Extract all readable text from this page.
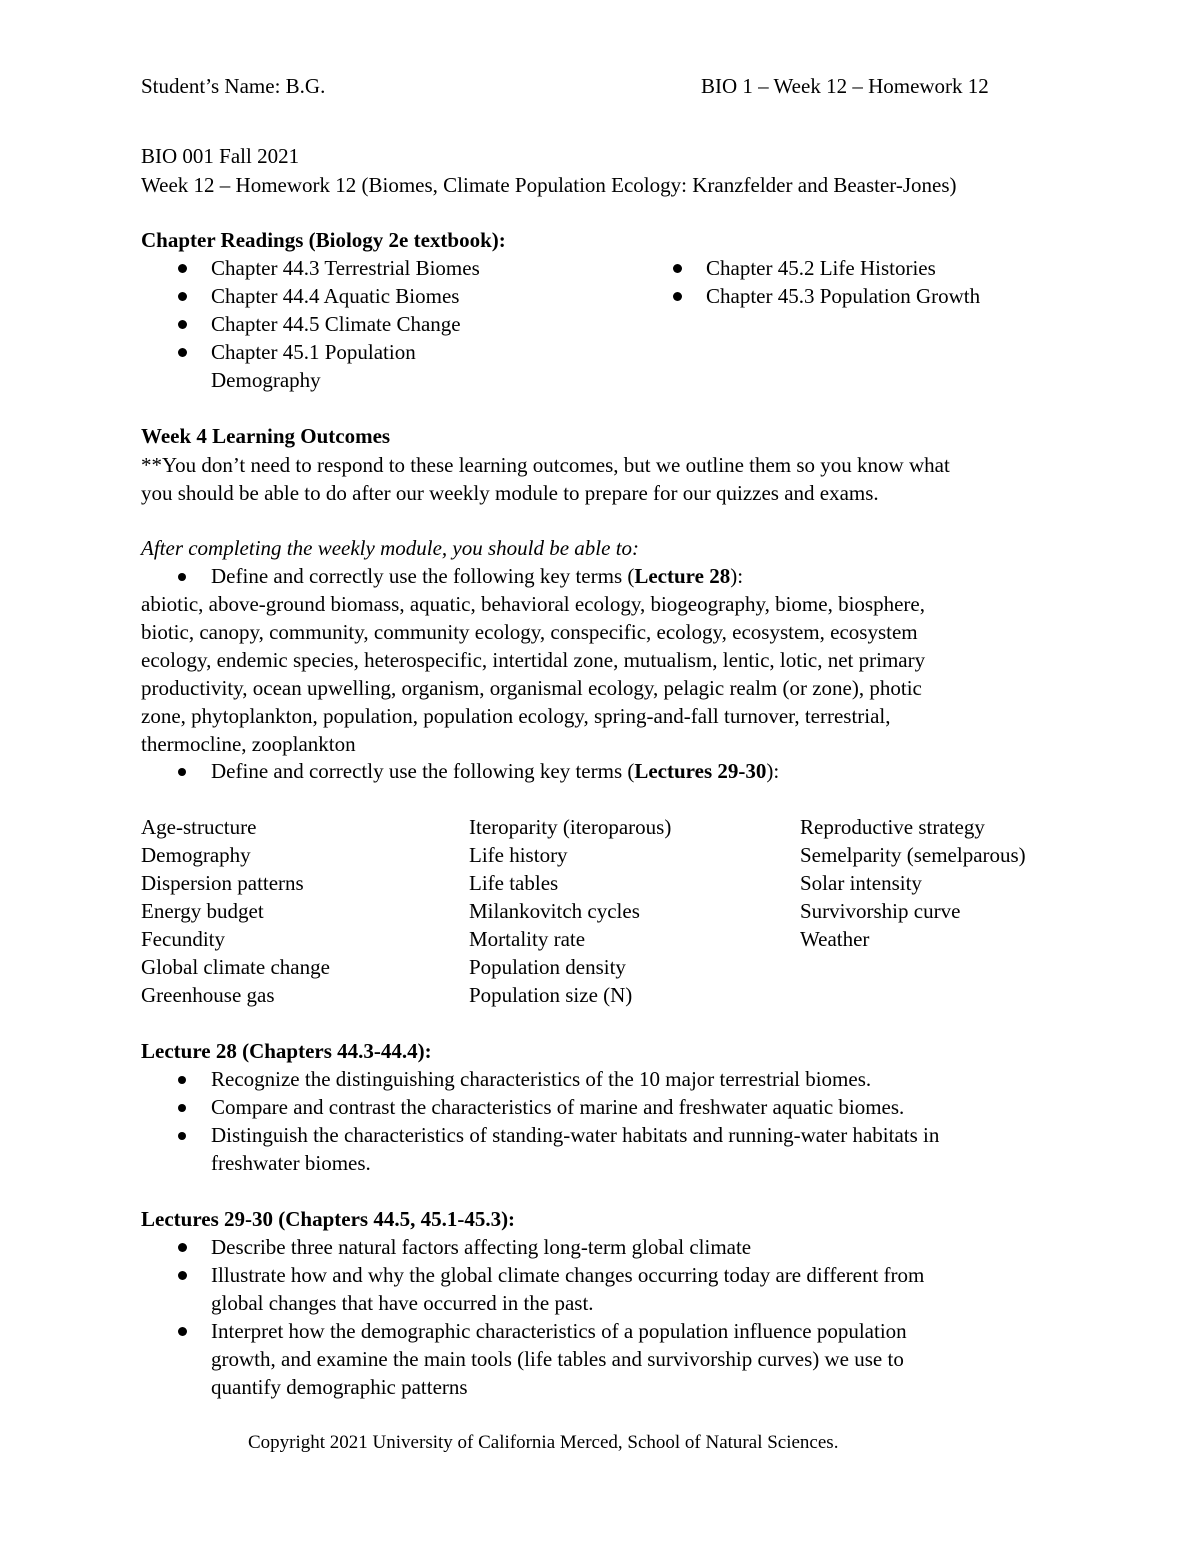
Student’s Name: B.G.	BIO 1 – Week 12 – Homework 12
BIO 001 Fall 2021
Week 12 – Homework 12 (Biomes, Climate Population Ecology: Kranzfelder and Beaster-Jones)
Chapter Readings (Biology 2e textbook):
Chapter 44.3 Terrestrial Biomes
Chapter 44.4 Aquatic Biomes
Chapter 44.5 Climate Change
Chapter 45.1 Population
Demography
Chapter 45.2 Life Histories
Chapter 45.3 Population Growth
Week 4 Learning Outcomes
**You don’t need to respond to these learning outcomes, but we outline them so you know what
you should be able to do after our weekly module to prepare for our quizzes and exams.
After completing the weekly module, you should be able to:
Define and correctly use the following key terms (Lecture 28):
abiotic, above-ground biomass, aquatic, behavioral ecology, biogeography, biome, biosphere,
biotic, canopy, community, community ecology, conspecific, ecology, ecosystem, ecosystem
ecology, endemic species, heterospecific, intertidal zone, mutualism, lentic, lotic, net primary
productivity, ocean upwelling, organism, organismal ecology, pelagic realm (or zone), photic
zone, phytoplankton, population, population ecology, spring-and-fall turnover, terrestrial,
thermocline, zooplankton
Define and correctly use the following key terms (Lectures 29-30):
Age-structure
Demography
Dispersion patterns
Energy budget
Fecundity
Global climate change
Greenhouse gas
Iteroparity (iteroparous)
Life history
Life tables
Milankovitch cycles
Mortality rate
Population density
Population size (N)
Reproductive strategy
Semelparity (semelparous)
Solar intensity
Survivorship curve
Weather
Lecture 28 (Chapters 44.3-44.4):
Recognize the distinguishing characteristics of the 10 major terrestrial biomes.
Compare and contrast the characteristics of marine and freshwater aquatic biomes.
Distinguish the characteristics of standing-water habitats and running-water habitats in
freshwater biomes.
Lectures 29-30 (Chapters 44.5, 45.1-45.3):
Describe three natural factors affecting long-term global climate
Illustrate how and why the global climate changes occurring today are different from
global changes that have occurred in the past.
Interpret how the demographic characteristics of a population influence population
growth, and examine the main tools (life tables and survivorship curves) we use to
quantify demographic patterns
Copyright 2021 University of California Merced, School of Natural Sciences.
